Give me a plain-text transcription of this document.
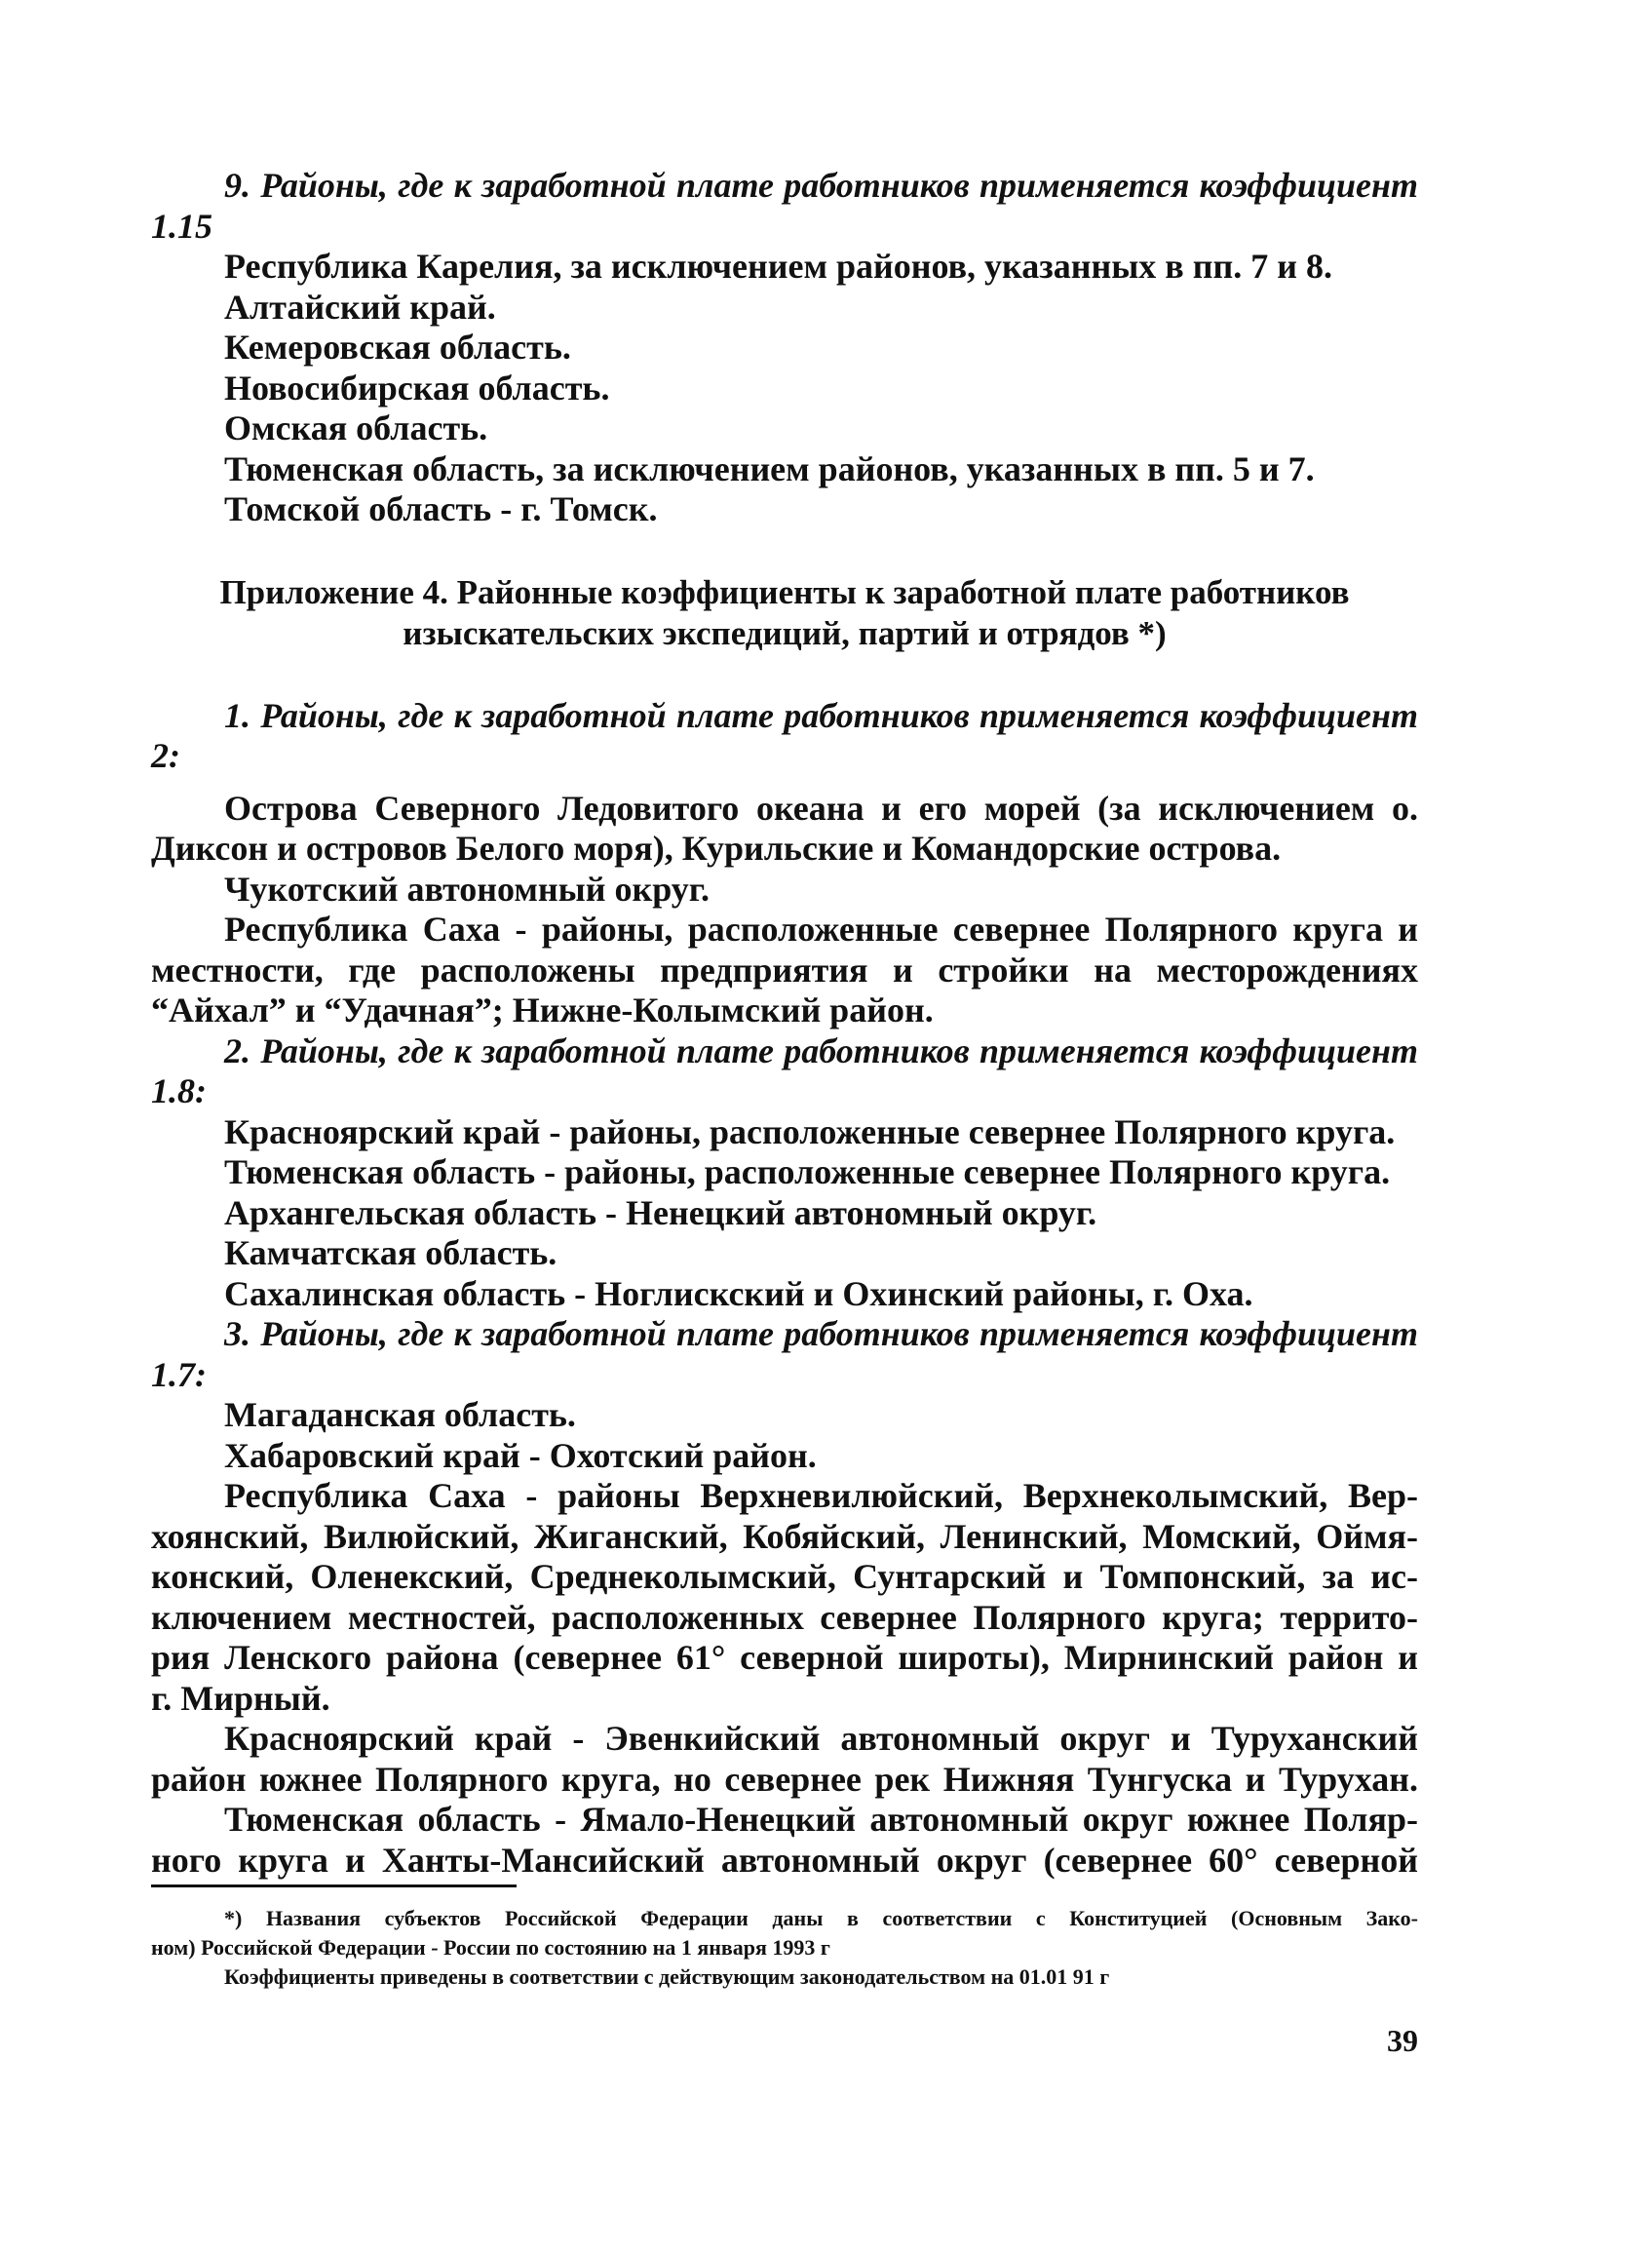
9. Районы, где к заработной плате работников применяется коэффициент

1.15

Республика Карелия, за исключением районов, указанных в пп. 7 и 8.

Алтайский край.

Кемеровская область.

Новосибирская область.

Омская область.

Тюменская область, за исключением районов, указанных в пп. 5 и 7.

Томской область - г. Томск.

Приложение 4. Районные коэффициенты к заработной плате работников

изыскательских экспедиций, партий и отрядов *)

1. Районы, где к заработной плате работников применяется коэффициент

2:

Острова Северного Ледовитого океана и его морей (за исключением о.

Диксон и островов Белого моря), Курильские и Командорские острова.

Чукотский автономный округ.

Республика Саха - районы, расположенные севернее Полярного круга и

местности, где расположены предприятия и стройки на месторождениях

“Айхал” и “Удачная”; Нижне-Колымский район.

2. Районы, где к заработной плате работников применяется коэффициент

1.8:

Красноярский край - районы, расположенные севернее Полярного круга.

Тюменская область - районы, расположенные севернее Полярного круга.

Архангельская область - Ненецкий автономный округ.

Камчатская область.

Сахалинская область - Ноглискский и Охинский районы, г. Оха.

3. Районы, где к заработной плате работников применяется коэффициент

1.7:

Магаданская область.

Хабаровский край - Охотский район.

Республика Саха - районы Верхневилюйский, Верхнеколымский, Вер-

хоянский, Вилюйский, Жиганский, Кобяйский, Ленинский, Момский, Оймя-

конский, Оленекский, Среднеколымский, Сунтарский и Томпонский, за ис-

ключением местностей, расположенных севернее Полярного круга; террито-

рия Ленского района (севернее 61° северной широты), Мирнинский район и

г. Мирный.

Красноярский край - Эвенкийский автономный округ и Туруханский

район южнее Полярного круга, но севернее рек Нижняя Тунгуска и Турухан.

Тюменская область - Ямало-Ненецкий автономный округ южнее Поляр-

ного круга и Ханты-Мансийский автономный округ (севернее 60° северной

*) Названия субъектов Российской Федерации даны в соответствии с Конституцией (Основным Зако-

ном) Российской Федерации - России по состоянию на 1 января 1993 г

Коэффициенты приведены в соответствии с действующим законодательством на 01.01 91 г

39
